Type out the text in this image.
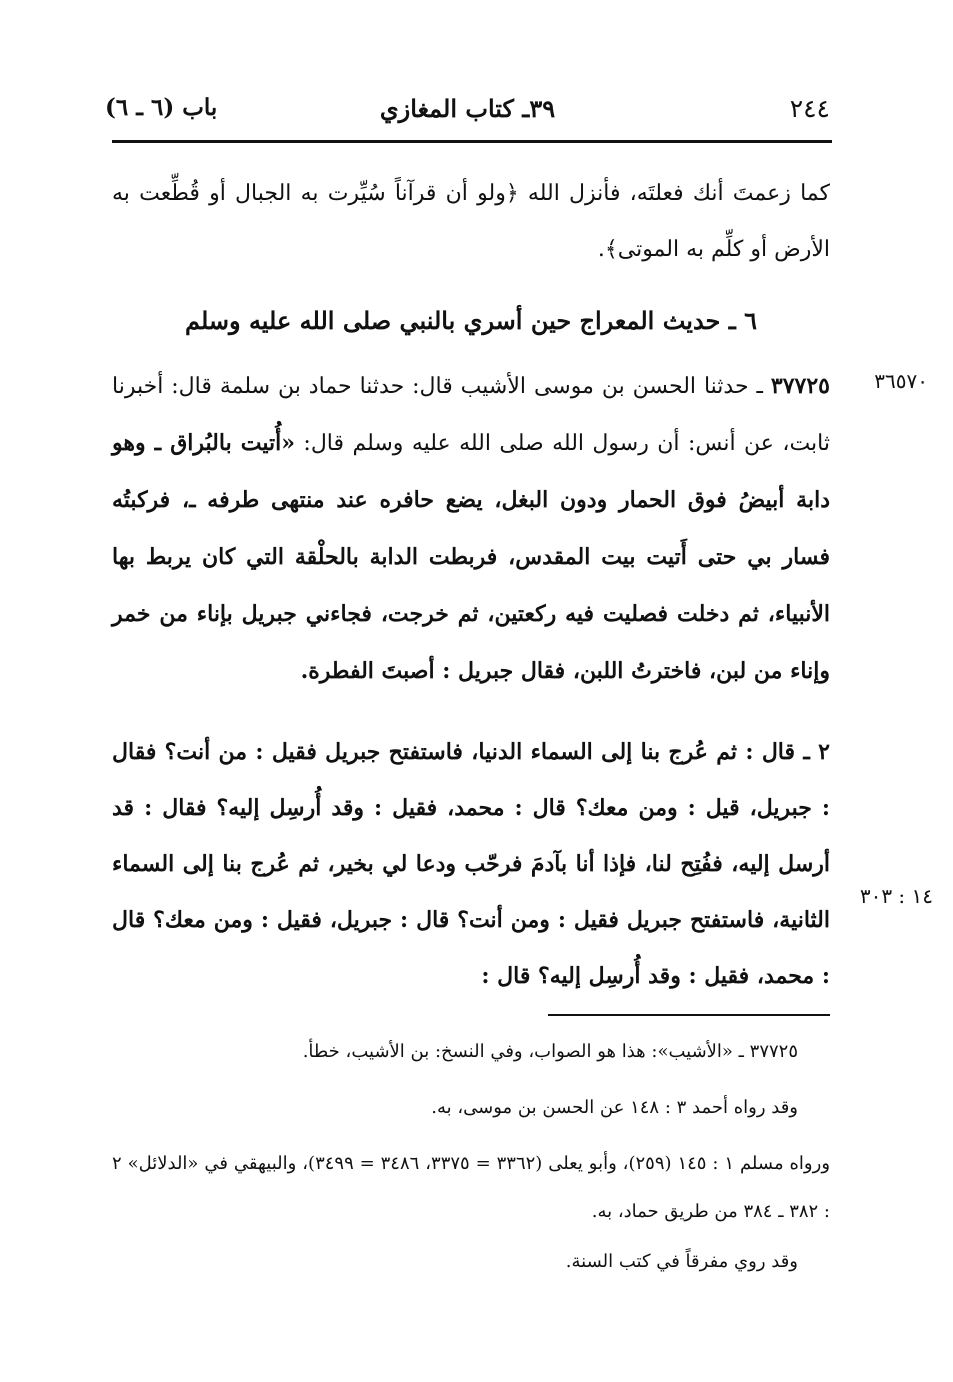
٢٤٤
٣٩ـ كتاب المغازي
باب (٦ ـ ٦)
كما زعمتَ أنك فعلتَه، فأنزل الله ﴿ولو أن قرآناً سُيِّرت به الجبال أو قُطِّعت به الأرض أو كلِّم به الموتى﴾.
٦ ـ حديث المعراج حين أسري بالنبي صلى الله عليه وسلم
٣٦٥٧٠
١٤ : ٣٠٣
٣٧٧٢٥ ـ حدثنا الحسن بن موسى الأشيب قال: حدثنا حماد بن سلمة قال: أخبرنا ثابت، عن أنس: أن رسول الله صلى الله عليه وسلم قال: «أُتيت بالبُراق ـ وهو دابة أبيضُ فوق الحمار ودون البغل، يضع حافره عند منتهى طرفه ـ، فركبتُه فسار بي حتى أَتيت بيت المقدس، فربطت الدابة بالحلْقة التي كان يربط بها الأنبياء، ثم دخلت فصليت فيه ركعتين، ثم خرجت، فجاءني جبريل بإناء من خمر وإناء من لبن، فاخترتُ اللبن، فقال جبريل : أصبتَ الفطرة.
٢ ـ قال : ثم عُرج بنا إلى السماء الدنيا، فاستفتح جبريل فقيل : من أنت؟ فقال : جبريل، قيل : ومن معك؟ قال : محمد، فقيل : وقد أُرسِل إليه؟ فقال : قد أرسل إليه، ففُتِح لنا، فإذا أنا بآدمَ فرحّب ودعا لي بخير، ثم عُرج بنا إلى السماء الثانية، فاستفتح جبريل فقيل : ومن أنت؟ قال : جبريل، فقيل : ومن معك؟ قال : محمد، فقيل : وقد أُرسِل إليه؟ قال :
٣٧٧٢٥ ـ «الأشيب»: هذا هو الصواب، وفي النسخ: بن الأشيب، خطأ.
وقد رواه أحمد ٣ : ١٤٨ عن الحسن بن موسى، به.
ورواه مسلم ١ : ١٤٥ (٢٥٩)، وأبو يعلى (٣٣٦٢ = ٣٣٧٥، ٣٤٨٦ = ٣٤٩٩)، والبيهقي في «الدلائل» ٢ : ٣٨٢ ـ ٣٨٤ من طريق حماد، به.
وقد روي مفرقاً في كتب السنة.
